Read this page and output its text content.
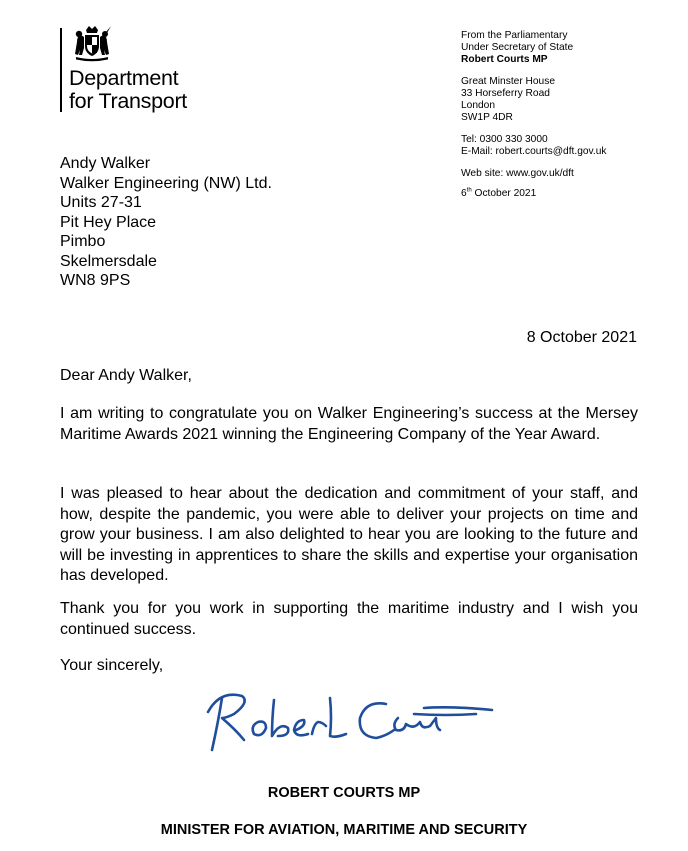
Department
for Transport
From the Parliamentary
Under Secretary of State
Robert Courts MP
Great Minster House
33 Horseferry Road
London
SW1P 4DR
Tel: 0300 330 3000
E-Mail: robert.courts@dft.gov.uk
Web site: www.gov.uk/dft
6th October 2021
Andy Walker
Walker Engineering (NW) Ltd.
Units 27-31
Pit Hey Place
Pimbo
Skelmersdale
WN8 9PS
8 October 2021
Dear Andy Walker,
I am writing to congratulate you on Walker Engineering’s success at the Mersey Maritime Awards 2021 winning the Engineering Company of the Year Award.
I was pleased to hear about the dedication and commitment of your staff, and how, despite the pandemic, you were able to deliver your projects on time and grow your business. I am also delighted to hear you are looking to the future and will be investing in apprentices to share the skills and expertise your organisation has developed.
Thank you for you work in supporting the maritime industry and I wish you continued success.
Your sincerely,
ROBERT COURTS MP
MINISTER FOR AVIATION, MARITIME AND SECURITY
